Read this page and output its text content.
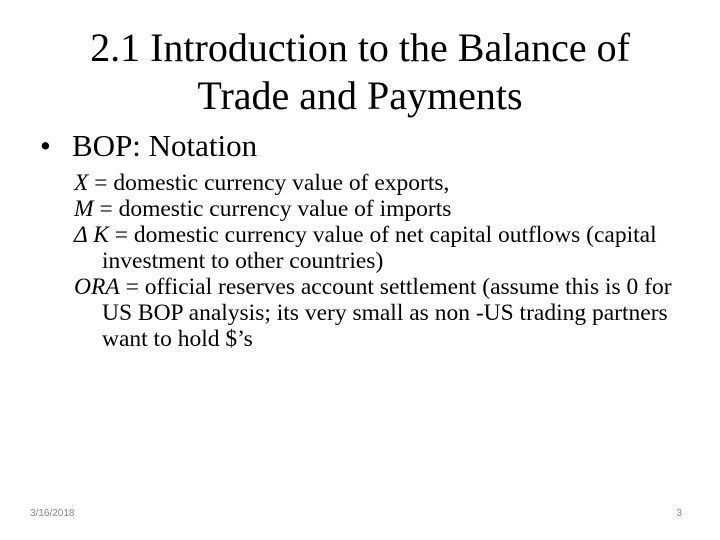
2.1 Introduction to the Balance of
Trade and Payments
• BOP: Notation

X = domestic currency value of exports,

M = domestic currency value of imports

Δ K = domestic currency value of net capital outflows (capital investment to other countries)

ORA = official reserves account settlement (assume this is 0 for US BOP analysis; its very small as non -US trading partners want to hold $’s

3/16/2018	3
